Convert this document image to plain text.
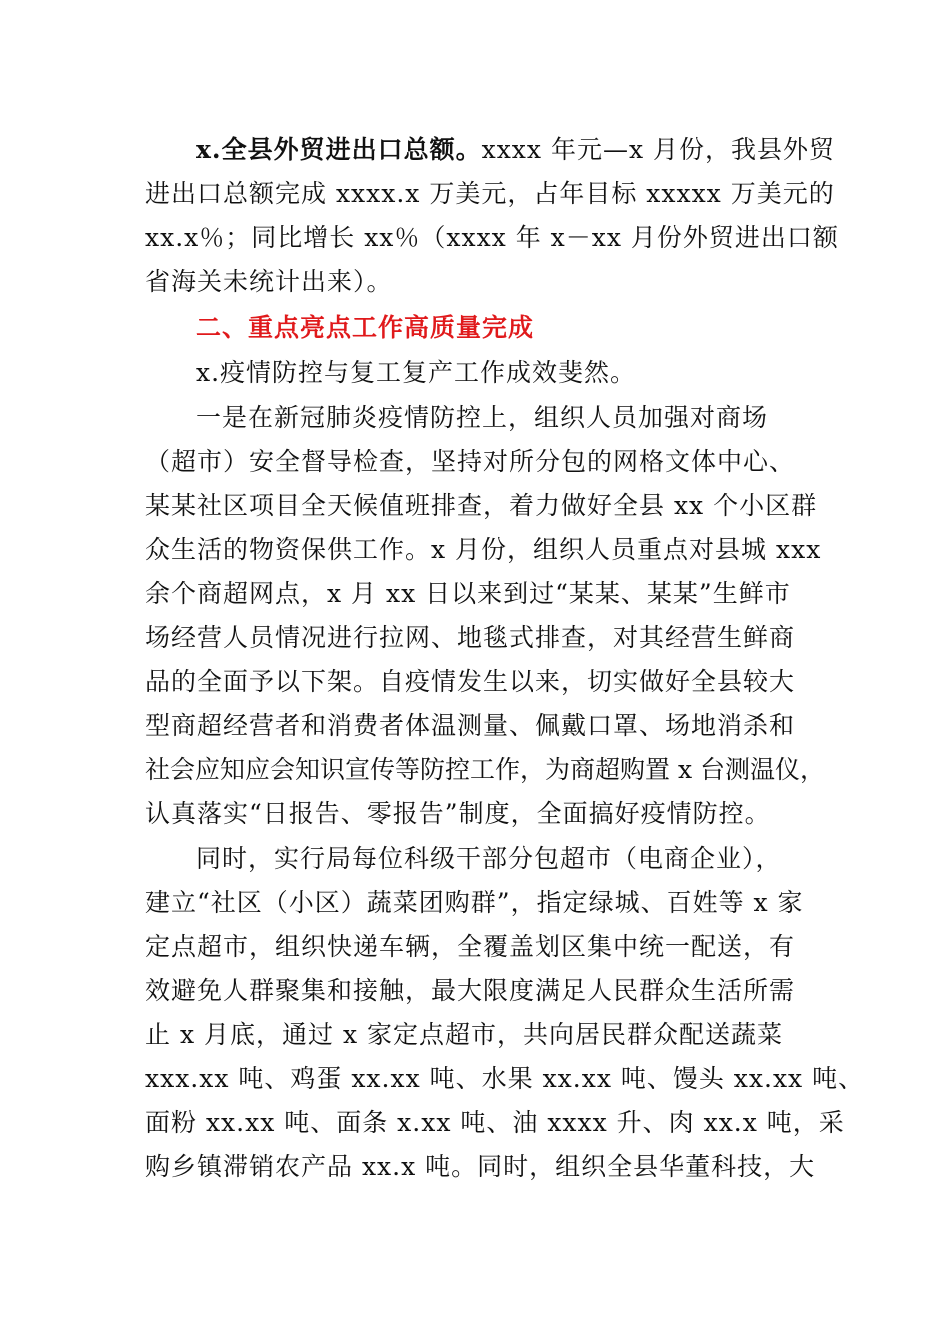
x.全县外贸进出口总额。xxxx 年元—x 月份，我县外贸
进出口总额完成 xxxx.x 万美元，占年目标 xxxxx 万美元的
xx.x％；同比增长 xx％（xxxx 年 x－xx 月份外贸进出口额
省海关未统计出来）。
二、重点亮点工作高质量完成
x.疫情防控与复工复产工作成效斐然。
一是在新冠肺炎疫情防控上，组织人员加强对商场
（超市）安全督导检查，坚持对所分包的网格文体中心、
某某社区项目全天候值班排查，着力做好全县 xx 个小区群
众生活的物资保供工作。x 月份，组织人员重点对县城 xxx
余个商超网点，x 月 xx 日以来到过“某某、某某”生鲜市
场经营人员情况进行拉网、地毯式排查，对其经营生鲜商
品的全面予以下架。自疫情发生以来，切实做好全县较大
型商超经营者和消费者体温测量、佩戴口罩、场地消杀和
社会应知应会知识宣传等防控工作，为商超购置 x 台测温仪，
认真落实“日报告、零报告”制度，全面搞好疫情防控。
同时，实行局每位科级干部分包超市（电商企业），
建立“社区（小区）蔬菜团购群”，指定绿城、百姓等 x 家
定点超市，组织快递车辆，全覆盖划区集中统一配送，有
效避免人群聚集和接触，最大限度满足人民群众生活所需
止 x 月底，通过 x 家定点超市，共向居民群众配送蔬菜
xxx.xx 吨、鸡蛋 xx.xx 吨、水果 xx.xx 吨、馒头 xx.xx 吨、
面粉 xx.xx 吨、面条 x.xx 吨、油 xxxx 升、肉 xx.x 吨，采
购乡镇滞销农产品 xx.x 吨。同时，组织全县华董科技，大
